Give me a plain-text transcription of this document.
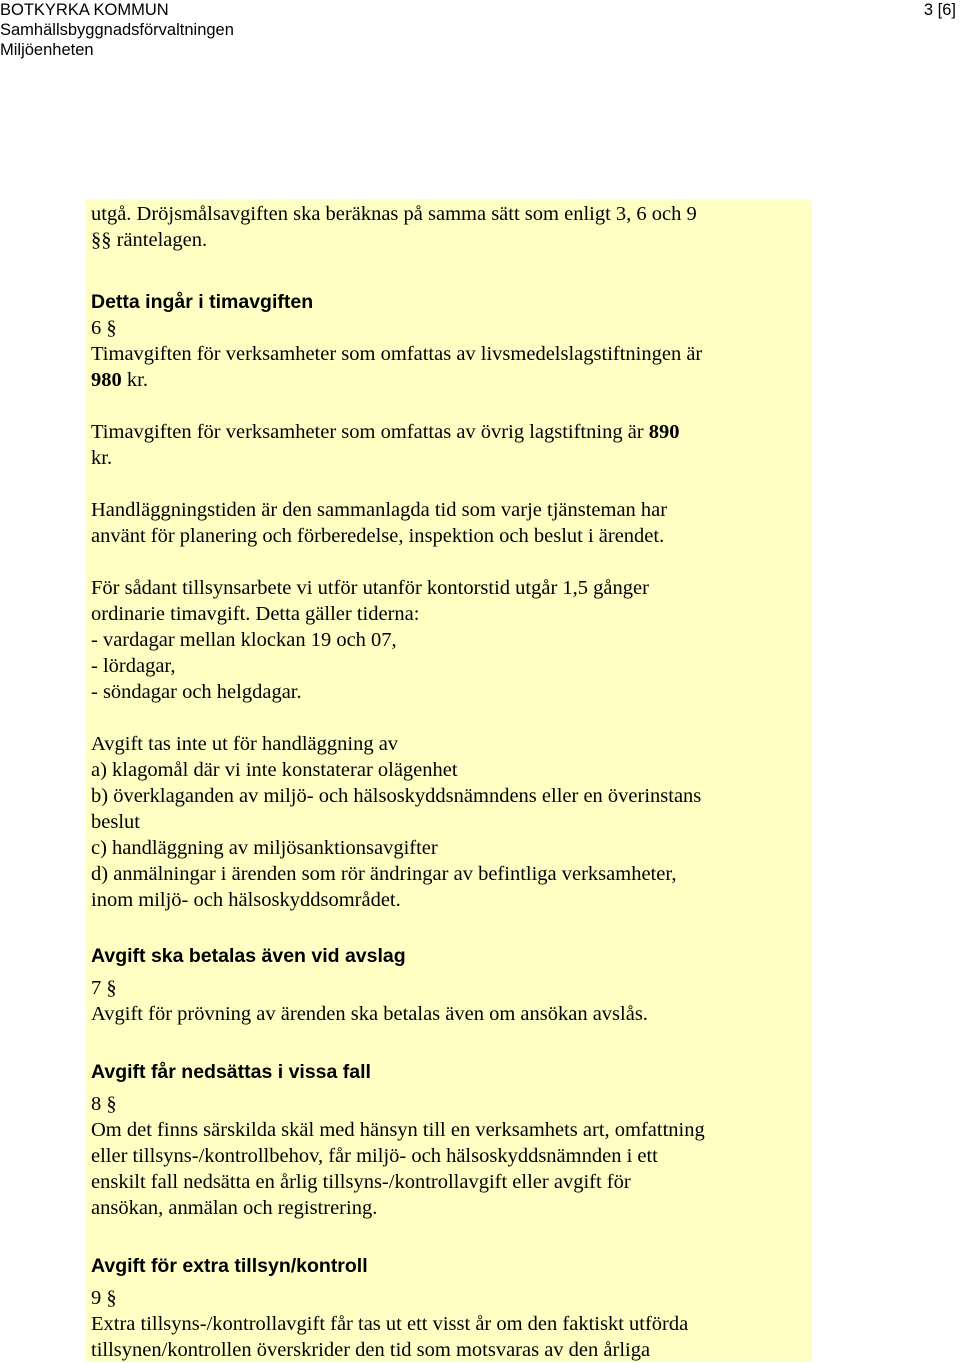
BOTKYRKA KOMMUN
Samhällsbyggnadsförvaltningen
Miljöenheten
3 [6]

utgå. Dröjsmålsavgiften ska beräknas på samma sätt som enligt 3, 6 och 9

§§ räntelagen.

Detta ingår i timavgiften

6 §

Timavgiften för verksamheter som omfattas av livsmedelslagstiftningen är

980 kr.

Timavgiften för verksamheter som omfattas av övrig lagstiftning är 890

kr.

Handläggningstiden är den sammanlagda tid som varje tjänsteman har

använt för planering och förberedelse, inspektion och beslut i ärendet.

För sådant tillsynsarbete vi utför utanför kontorstid utgår 1,5 gånger

ordinarie timavgift. Detta gäller tiderna:

- vardagar mellan klockan 19 och 07,

- lördagar,

- söndagar och helgdagar.

Avgift tas inte ut för handläggning av

a) klagomål där vi inte konstaterar olägenhet

b) överklaganden av miljö- och hälsoskyddsnämndens eller en överinstans

beslut

c) handläggning av miljösanktionsavgifter

d) anmälningar i ärenden som rör ändringar av befintliga verksamheter,

inom miljö- och hälsoskyddsområdet.

Avgift ska betalas även vid avslag

7 §

Avgift för prövning av ärenden ska betalas även om ansökan avslås.

Avgift får nedsättas i vissa fall

8 §

Om det finns särskilda skäl med hänsyn till en verksamhets art, omfattning

eller tillsyns-/kontrollbehov, får miljö- och hälsoskyddsnämnden i ett

enskilt fall nedsätta en årlig tillsyns-/kontrollavgift eller avgift för

ansökan, anmälan och registrering.

Avgift för extra tillsyn/kontroll

9 §

Extra tillsyns-/kontrollavgift får tas ut ett visst år om den faktiskt utförda

tillsynen/kontrollen överskrider den tid som motsvaras av den årliga
